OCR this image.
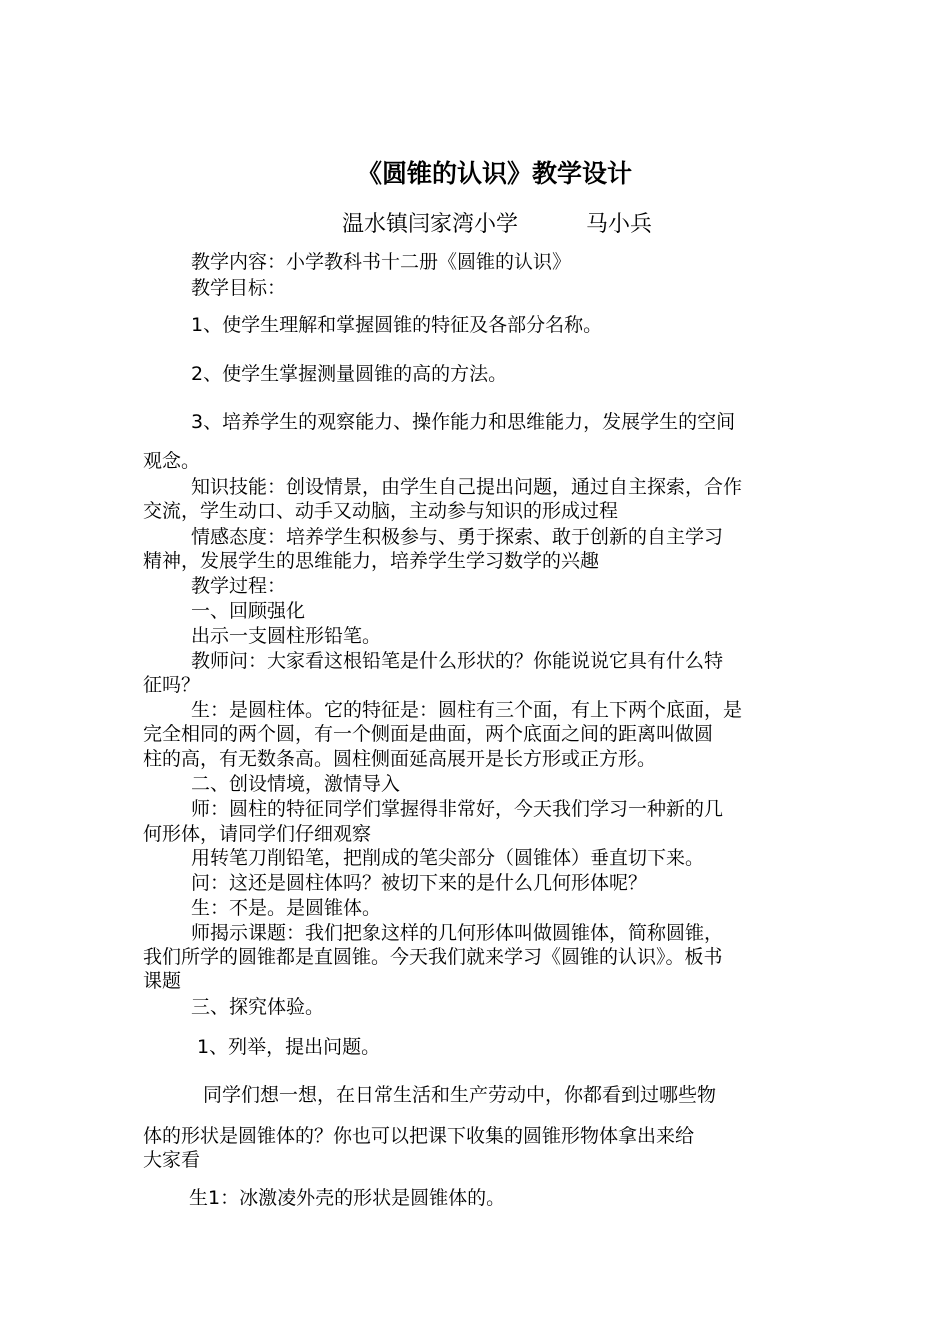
《圆锥的认识》教学设计
温水镇闫家湾小学	马小兵
教学内容：小学教科书十二册《圆锥的认识》
教学目标：
1、使学生理解和掌握圆锥的特征及各部分名称。
2、使学生掌握测量圆锥的高的方法。
3、培养学生的观察能力、操作能力和思维能力，发展学生的空间
观念。
知识技能：创设情景，由学生自己提出问题，通过自主探索，合作
交流，学生动口、动手又动脑，主动参与知识的形成过程
情感态度：培养学生积极参与、勇于探索、敢于创新的自主学习
精神，发展学生的思维能力，培养学生学习数学的兴趣
教学过程：
一、回顾强化
出示一支圆柱形铅笔。
教师问：大家看这根铅笔是什么形状的？你能说说它具有什么特
征吗？
生：是圆柱体。它的特征是：圆柱有三个面，有上下两个底面，是
完全相同的两个圆，有一个侧面是曲面，两个底面之间的距离叫做圆
柱的高，有无数条高。圆柱侧面延高展开是长方形或正方形。
二、创设情境，激情导入
师：圆柱的特征同学们掌握得非常好，今天我们学习一种新的几
何形体，请同学们仔细观察
用转笔刀削铅笔，把削成的笔尖部分（圆锥体）垂直切下来。
问：这还是圆柱体吗？被切下来的是什么几何形体呢？
生：不是。是圆锥体。
师揭示课题：我们把象这样的几何形体叫做圆锥体，简称圆锥，
我们所学的圆锥都是直圆锥。今天我们就来学习《圆锥的认识》。板书
课题
三、探究体验。
1、列举，提出问题。
同学们想一想，在日常生活和生产劳动中，你都看到过哪些物
体的形状是圆锥体的？你也可以把课下收集的圆锥形物体拿出来给
大家看
生1：冰激凌外壳的形状是圆锥体的。
